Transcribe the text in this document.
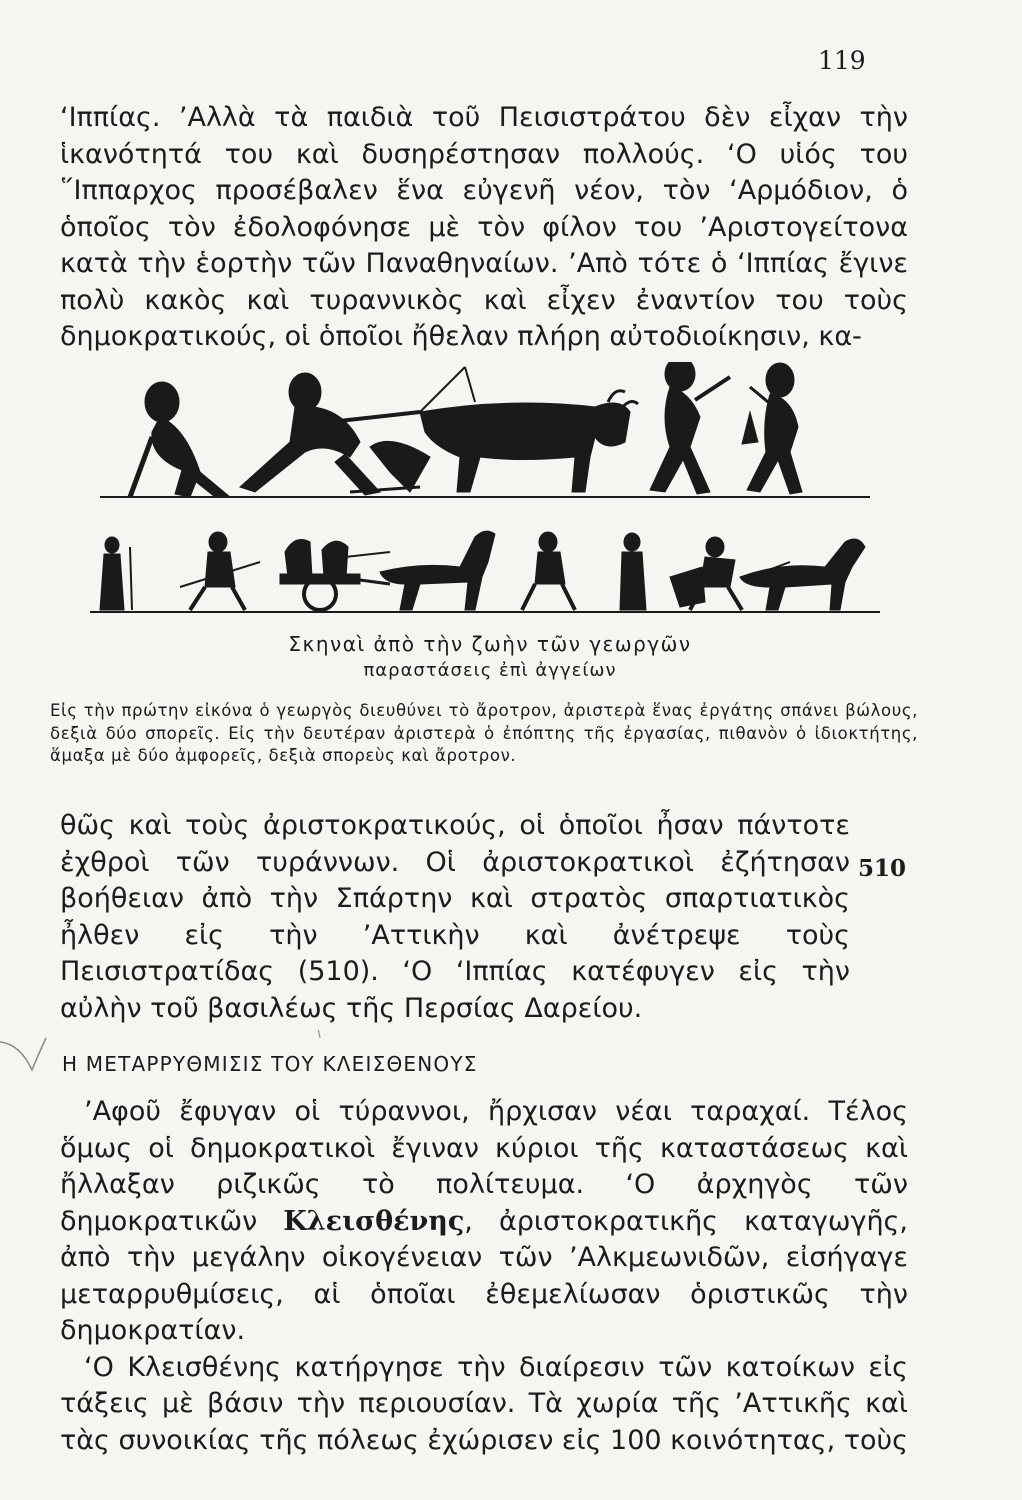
119

‘Ιππίας. ’Αλλὰ τὰ παιδιὰ τοῦ Πεισιστράτου δὲν εἶχαν τὴν ἱκανότητά του καὶ δυσηρέστησαν πολλούς. ‘Ο υἱός του ῞Ιππαρχος προσέβαλεν ἕνα εὐγενῆ νέον, τὸν ‘Αρμόδιον, ὁ ὁποῖος τὸν ἐδολοφόνησε μὲ τὸν φίλον του ’Αριστογείτονα κατὰ τὴν ἑορτὴν τῶν Παναθηναίων. ’Απὸ τότε ὁ ‘Ιππίας ἔγινε πολὺ κακὸς καὶ τυραννικὸς καὶ εἶχεν ἐναντίον του τοὺς δημοκρατικούς, οἱ ὁποῖοι ἤθελαν πλήρη αὐτοδιοίκησιν, κα-

Σκηναὶ ἀπὸ τὴν ζωὴν τῶν γεωργῶν
παραστάσεις ἐπὶ ἀγγείων

Εἰς τὴν πρώτην εἰκόνα ὁ γεωργὸς διευθύνει τὸ ἄροτρον, ἀριστερὰ ἕνας ἐργάτης σπάνει βώλους, δεξιὰ δύο σπορεῖς. Εἰς τὴν δευτέραν ἀριστερὰ ὁ ἐπόπτης τῆς ἐργασίας, πιθανὸν ὁ ἰδιοκτήτης, ἅμαξα μὲ δύο ἀμφορεῖς, δεξιὰ σπορεὺς καὶ ἄροτρον.

θῶς καὶ τοὺς ἀριστοκρατικούς, οἱ ὁποῖοι ἦσαν πάντοτε ἐχθροὶ τῶν τυράννων. Οἱ ἀριστοκρατικοὶ ἐζήτησαν βοήθειαν ἀπὸ τὴν Σπάρτην καὶ στρατὸς σπαρτιατικὸς ἦλθεν εἰς τὴν ’Αττικὴν καὶ ἀνέτρεψε τοὺς Πεισιστρατίδας (510). ‘Ο ‘Ιππίας κατέφυγεν εἰς τὴν αὐλὴν τοῦ βασιλέως τῆς Περσίας Δαρείου.

510
Η ΜΕΤΑΡΡΥΘΜΙΣΙΣ ΤΟΥ ΚΛΕΙΣΘΕΝΟΥΣ

’Αφοῦ ἔφυγαν οἱ τύραννοι, ἤρχισαν νέαι ταραχαί. Τέλος ὅμως οἱ δημοκρατικοὶ ἔγιναν κύριοι τῆς καταστάσεως καὶ ἤλλαξαν ριζικῶς τὸ πολίτευμα. ‘Ο ἀρχηγὸς τῶν δημοκρατικῶν Κλεισθένης, ἀριστοκρατικῆς καταγωγῆς, ἀπὸ τὴν μεγάλην οἰκογένειαν τῶν ’Αλκμεωνιδῶν, εἰσήγαγε μεταρρυθμίσεις, αἱ ὁποῖαι ἐθεμελίωσαν ὁριστικῶς τὴν δημοκρατίαν.

‘Ο Κλεισθένης κατήργησε τὴν διαίρεσιν τῶν κατοίκων εἰς τάξεις μὲ βάσιν τὴν περιουσίαν. Τὰ χωρία τῆς ’Αττικῆς καὶ τὰς συνοικίας τῆς πόλεως ἐχώρισεν εἰς 100 κοινότητας, τοὺς
